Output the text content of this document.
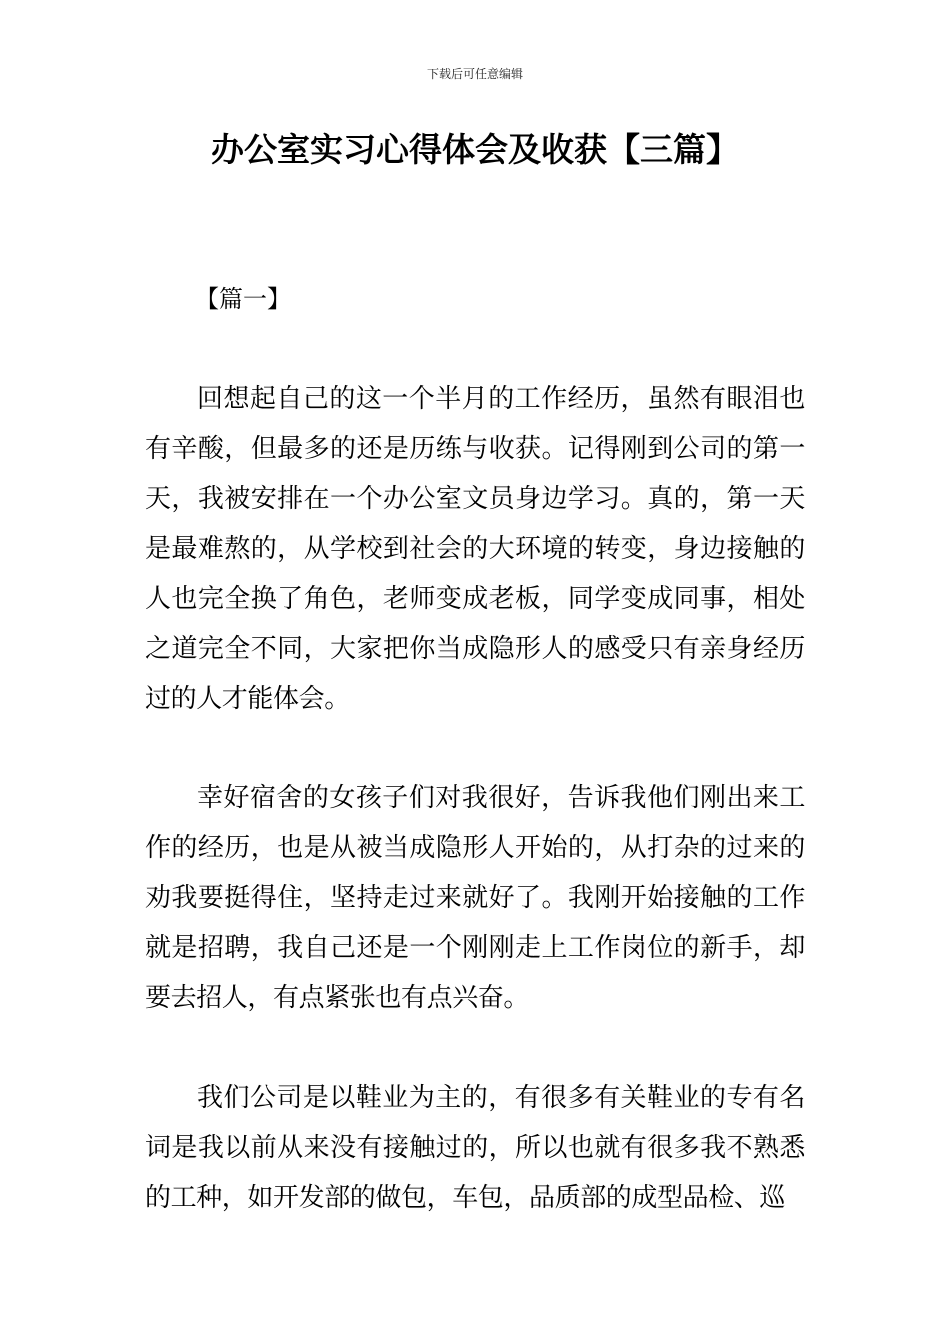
下载后可任意编辑
办公室实习心得体会及收获【三篇】
【篇一】

回想起自己的这一个半月的工作经历，虽然有眼泪也有辛酸，但最多的还是历练与收获。记得刚到公司的第一天，我被安排在一个办公室文员身边学习。真的，第一天是最难熬的，从学校到社会的大环境的转变，身边接触的人也完全换了角色，老师变成老板，同学变成同事，相处之道完全不同，大家把你当成隐形人的感受只有亲身经历过的人才能体会。

幸好宿舍的女孩子们对我很好，告诉我他们刚出来工作的经历，也是从被当成隐形人开始的，从打杂的过来的劝我要挺得住，坚持走过来就好了。我刚开始接触的工作就是招聘，我自己还是一个刚刚走上工作岗位的新手，却要去招人，有点紧张也有点兴奋。

我们公司是以鞋业为主的，有很多有关鞋业的专有名词是我以前从来没有接触过的，所以也就有很多我不熟悉的工种，如开发部的做包，车包，品质部的成型品检、巡
